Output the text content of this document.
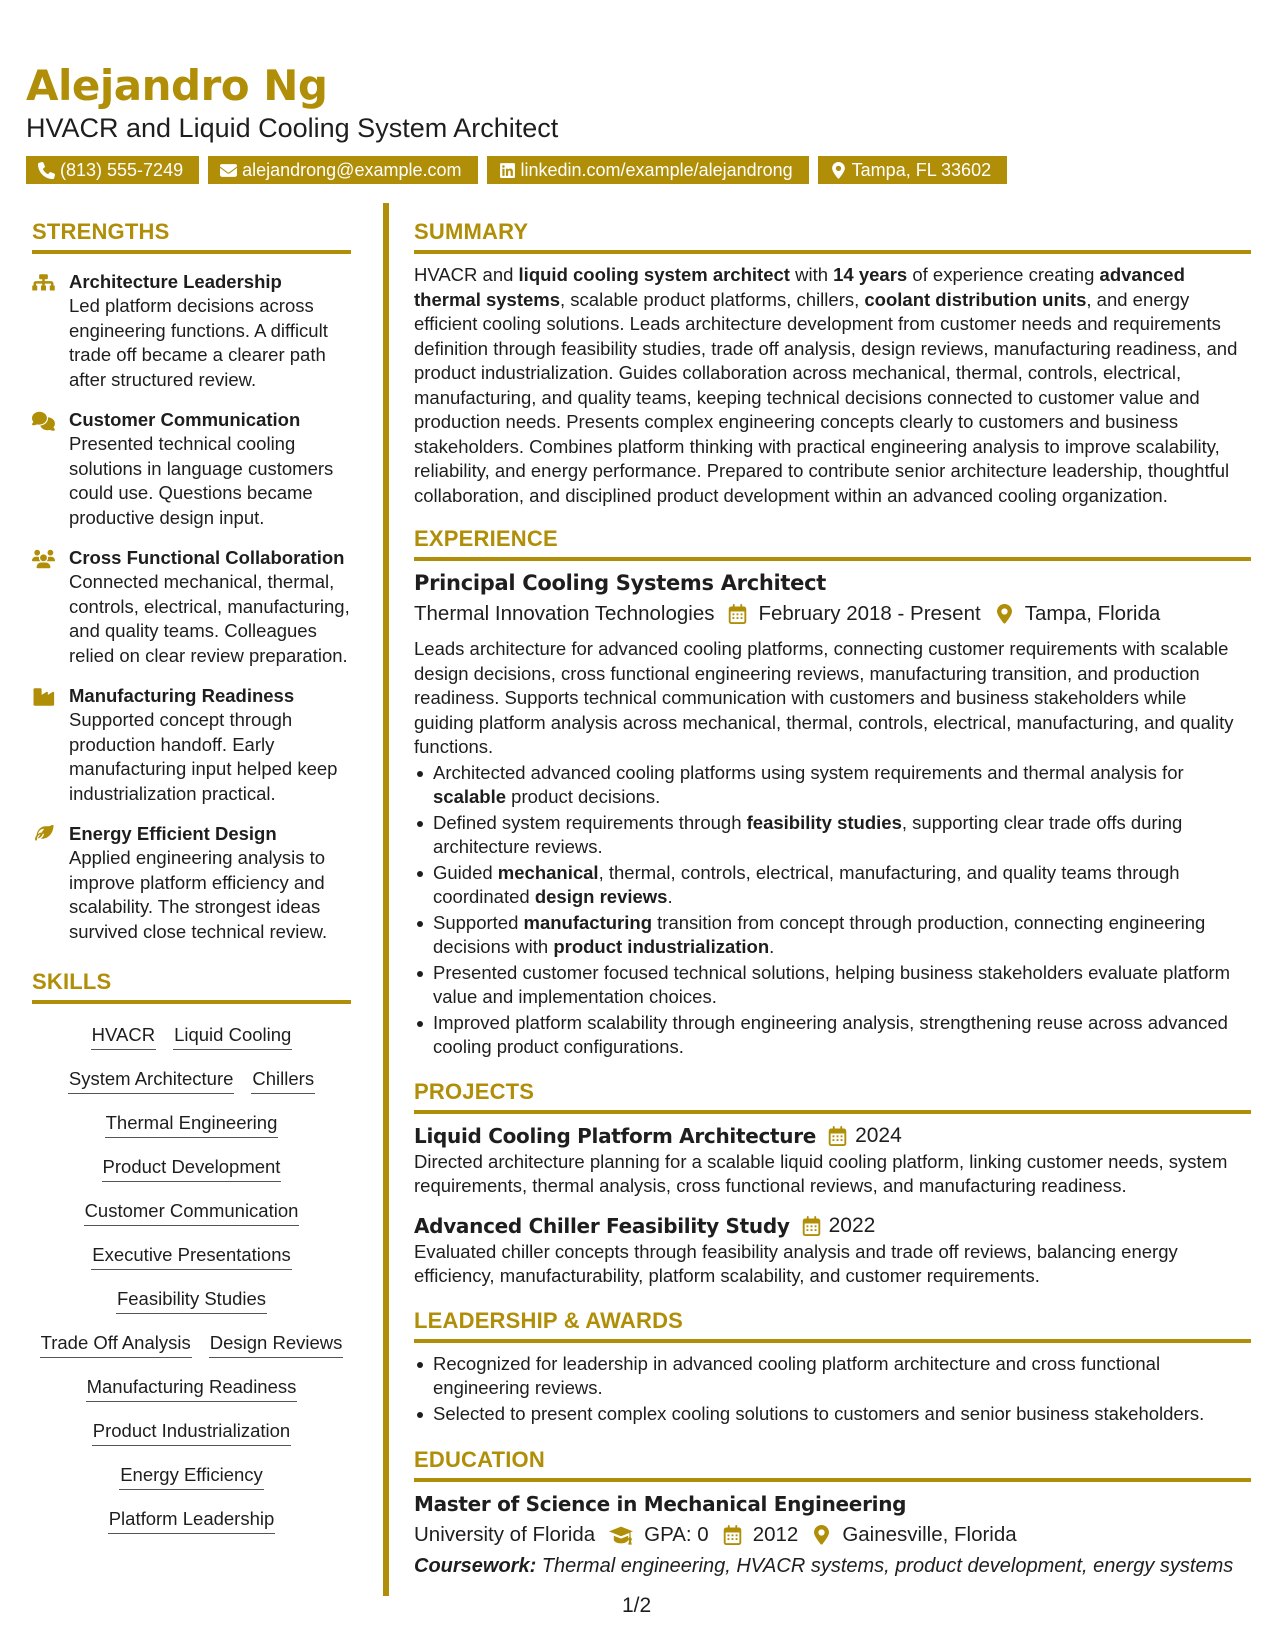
Alejandro Ng
HVACR and Liquid Cooling System Architect
(813) 555-7249	alejandrong@example.com	linkedin.com/example/alejandrong	Tampa, FL 33602
STRENGTHS
Architecture Leadership
Led platform decisions across engineering functions. A difficult trade off became a clearer path after structured review.
Customer Communication
Presented technical cooling solutions in language customers could use. Questions became productive design input.
Cross Functional Collaboration
Connected mechanical, thermal, controls, electrical, manufacturing, and quality teams. Colleagues relied on clear review preparation.
Manufacturing Readiness
Supported concept through production handoff. Early manufacturing input helped keep industrialization practical.
Energy Efficient Design
Applied engineering analysis to improve platform efficiency and scalability. The strongest ideas survived close technical review.
SKILLS
HVACR Liquid Cooling
System Architecture Chillers
Thermal Engineering
Product Development
Customer Communication
Executive Presentations
Feasibility Studies
Trade Off Analysis Design Reviews
Manufacturing Readiness
Product Industrialization
Energy Efficiency
Platform Leadership
SUMMARY

HVACR and liquid cooling system architect with 14 years of experience creating advanced thermal systems, scalable product platforms, chillers, coolant distribution units, and energy efficient cooling solutions. Leads architecture development from customer needs and requirements definition through feasibility studies, trade off analysis, design reviews, manufacturing readiness, and product industrialization. Guides collaboration across mechanical, thermal, controls, electrical, manufacturing, and quality teams, keeping technical decisions connected to customer value and production needs. Presents complex engineering concepts clearly to customers and business stakeholders. Combines platform thinking with practical engineering analysis to improve scalability, reliability, and energy performance. Prepared to contribute senior architecture leadership, thoughtful collaboration, and disciplined product development within an advanced cooling organization.

EXPERIENCE
Principal Cooling Systems Architect
Thermal Innovation Technologies February 2018 - Present Tampa, Florida

Leads architecture for advanced cooling platforms, connecting customer requirements with scalable design decisions, cross functional engineering reviews, manufacturing transition, and production readiness. Supports technical communication with customers and business stakeholders while guiding platform analysis across mechanical, thermal, controls, electrical, manufacturing, and quality functions.

Architected advanced cooling platforms using system requirements and thermal analysis for scalable product decisions.
Defined system requirements through feasibility studies, supporting clear trade offs during architecture reviews.
Guided mechanical, thermal, controls, electrical, manufacturing, and quality teams through coordinated design reviews.
Supported manufacturing transition from concept through production, connecting engineering decisions with product industrialization.
Presented customer focused technical solutions, helping business stakeholders evaluate platform value and implementation choices.
Improved platform scalability through engineering analysis, strengthening reuse across advanced cooling product configurations.
PROJECTS
Liquid Cooling Platform Architecture 2024

Directed architecture planning for a scalable liquid cooling platform, linking customer needs, system requirements, thermal analysis, cross functional reviews, and manufacturing readiness.

Advanced Chiller Feasibility Study 2022

Evaluated chiller concepts through feasibility analysis and trade off reviews, balancing energy efficiency, manufacturability, platform scalability, and customer requirements.

LEADERSHIP & AWARDS
Recognized for leadership in advanced cooling platform architecture and cross functional engineering reviews.
Selected to present complex cooling solutions to customers and senior business stakeholders.
EDUCATION
Master of Science in Mechanical Engineering
University of Florida GPA: 0 2012 Gainesville, Florida
Coursework: Thermal engineering, HVACR systems, product development, energy systems
1/2
